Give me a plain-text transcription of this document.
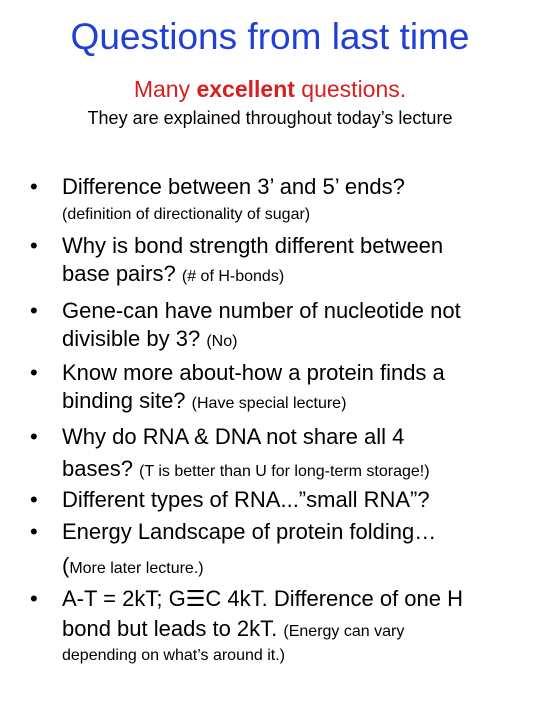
Questions from last time
Many excellent questions.
They are explained throughout today’s lecture
• Difference between 3’ and 5’ ends?
(definition of directionality of sugar)
• Why is bond strength different between
base pairs? (# of H-bonds)
• Gene-can have number of nucleotide not
divisible by 3? (No)
• Know more about-how a protein finds a
binding site? (Have special lecture)
• Why do RNA & DNA not share all 4
bases? (T is better than U for long-term storage!)
• Different types of RNA...”small RNA”?
• Energy Landscape of protein folding…
(More later lecture.)
• A-T = 2kT; G☰C 4kT. Difference of one H
bond but leads to 2kT. (Energy can vary
depending on what’s around it.)
